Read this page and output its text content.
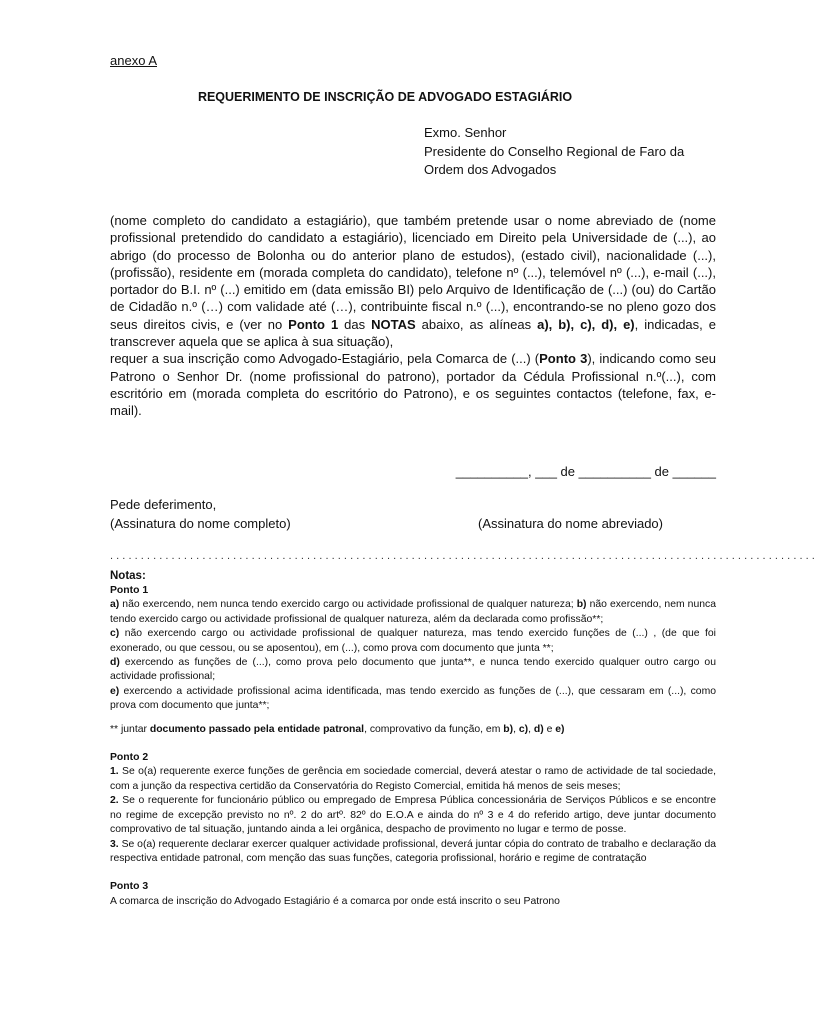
anexo A
REQUERIMENTO DE INSCRIÇÃO DE ADVOGADO ESTAGIÁRIO
Exmo. Senhor
Presidente do Conselho Regional de Faro da
Ordem dos Advogados

(nome completo do candidato a estagiário), que também pretende usar o nome abreviado de (nome profissional pretendido do candidato a estagiário), licenciado em Direito pela Universidade de (...), ao abrigo (do processo de Bolonha ou do anterior plano de estudos), (estado civil), nacionalidade (...), (profissão), residente em (morada completa do candidato), telefone nº (...), telemóvel nº (...), e-mail (...), portador do B.I. nº (...) emitido em (data emissão BI) pelo Arquivo de Identificação de (...) (ou) do Cartão de Cidadão n.º (…) com validade até (…), contribuinte fiscal n.º (...), encontrando-se no pleno gozo dos seus direitos civis, e (ver no Ponto 1 das NOTAS abaixo, as alíneas a), b), c), d), e), indicadas, e transcrever aquela que se aplica à sua situação),

requer a sua inscrição como Advogado-Estagiário, pela Comarca de (...) (Ponto 3), indicando como seu Patrono o Senhor Dr. (nome profissional do patrono), portador da Cédula Profissional n.º(...), com escritório em (morada completa do escritório do Patrono), e os seguintes contactos (telefone, fax, e-mail).

__________, ___ de __________ de ______
Pede deferimento,
(Assinatura do nome completo)	(Assinatura do nome abreviado)
...................................................................................................................

Notas:

Ponto 1

a) não exercendo, nem nunca tendo exercido cargo ou actividade profissional de qualquer natureza; b) não exercendo, nem nunca tendo exercido cargo ou actividade profissional de qualquer natureza, além da declarada como profissão**;

c) não exercendo cargo ou actividade profissional de qualquer natureza, mas tendo exercido funções de (...) , (de que foi exonerado, ou que cessou, ou se aposentou), em (...), como prova com documento que junta **;

d) exercendo as funções de (...), como prova pelo documento que junta**, e nunca tendo exercido qualquer outro cargo ou actividade profissional;

e) exercendo a actividade profissional acima identificada, mas tendo exercido as funções de (...), que cessaram em (...), como prova com documento que junta**;

** juntar documento passado pela entidade patronal, comprovativo da função, em b), c), d) e e)

Ponto 2

1. Se o(a) requerente exerce funções de gerência em sociedade comercial, deverá atestar o ramo de actividade de tal sociedade, com a junção da respectiva certidão da Conservatória do Registo Comercial, emitida há menos de seis meses;

2. Se o requerente for funcionário público ou empregado de Empresa Pública concessionária de Serviços Públicos e se encontre no regime de excepção previsto no nº. 2 do artº. 82º do E.O.A e ainda do nº 3 e 4 do referido artigo, deve juntar documento comprovativo de tal situação, juntando ainda a lei orgânica, despacho de provimento no lugar e termo de posse.

3. Se o(a) requerente declarar exercer qualquer actividade profissional, deverá juntar cópia do contrato de trabalho e declaração da respectiva entidade patronal, com menção das suas funções, categoria profissional, horário e regime de contratação

Ponto 3

A comarca de inscrição do Advogado Estagiário é a comarca por onde está inscrito o seu Patrono
